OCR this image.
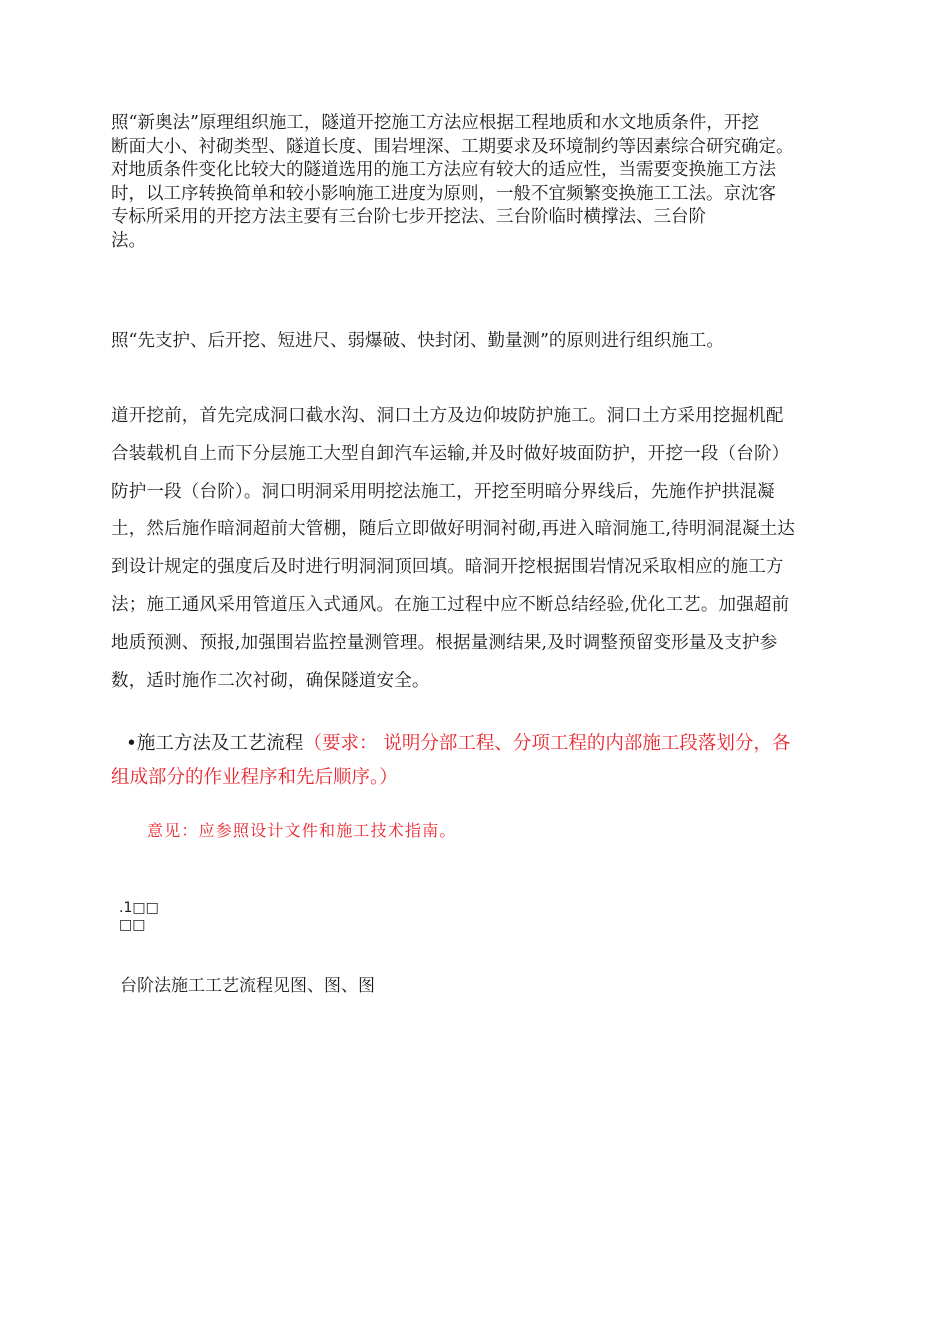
照“新奥法”原理组织施工，隧道开挖施工方法应根据工程地质和水文地质条件，开挖
断面大小、衬砌类型、隧道长度、围岩埋深、工期要求及环境制约等因素综合研究确定。
对地质条件变化比较大的隧道选用的施工方法应有较大的适应性，当需要变换施工方法
时，以工序转换简单和较小影响施工进度为原则，一般不宜频繁变换施工工法。京沈客
专标所采用的开挖方法主要有三台阶七步开挖法、三台阶临时横撑法、三台阶
法。
照“先支护、后开挖、短进尺、弱爆破、快封闭、勤量测”的原则进行组织施工。
道开挖前，首先完成洞口截水沟、洞口土方及边仰坡防护施工。洞口土方采用挖掘机配
合装载机自上而下分层施工大型自卸汽车运输,并及时做好坡面防护，开挖一段（台阶）
防护一段（台阶）。洞口明洞采用明挖法施工，开挖至明暗分界线后，先施作护拱混凝
土，然后施作暗洞超前大管棚，随后立即做好明洞衬砌,再进入暗洞施工,待明洞混凝土达
到设计规定的强度后及时进行明洞洞顶回填。暗洞开挖根据围岩情况采取相应的施工方
法；施工通风采用管道压入式通风。在施工过程中应不断总结经验,优化工艺。加强超前
地质预测、预报,加强围岩监控量测管理。根据量测结果,及时调整预留变形量及支护参
数，适时施作二次衬砌，确保隧道安全。
•施工方法及工艺流程（要求： 说明分部工程、分项工程的内部施工段落划分，各
组成部分的作业程序和先后顺序。）
意见：应参照设计文件和施工技术指南。
.1□□
□□
台阶法施工工艺流程见图、图、图
